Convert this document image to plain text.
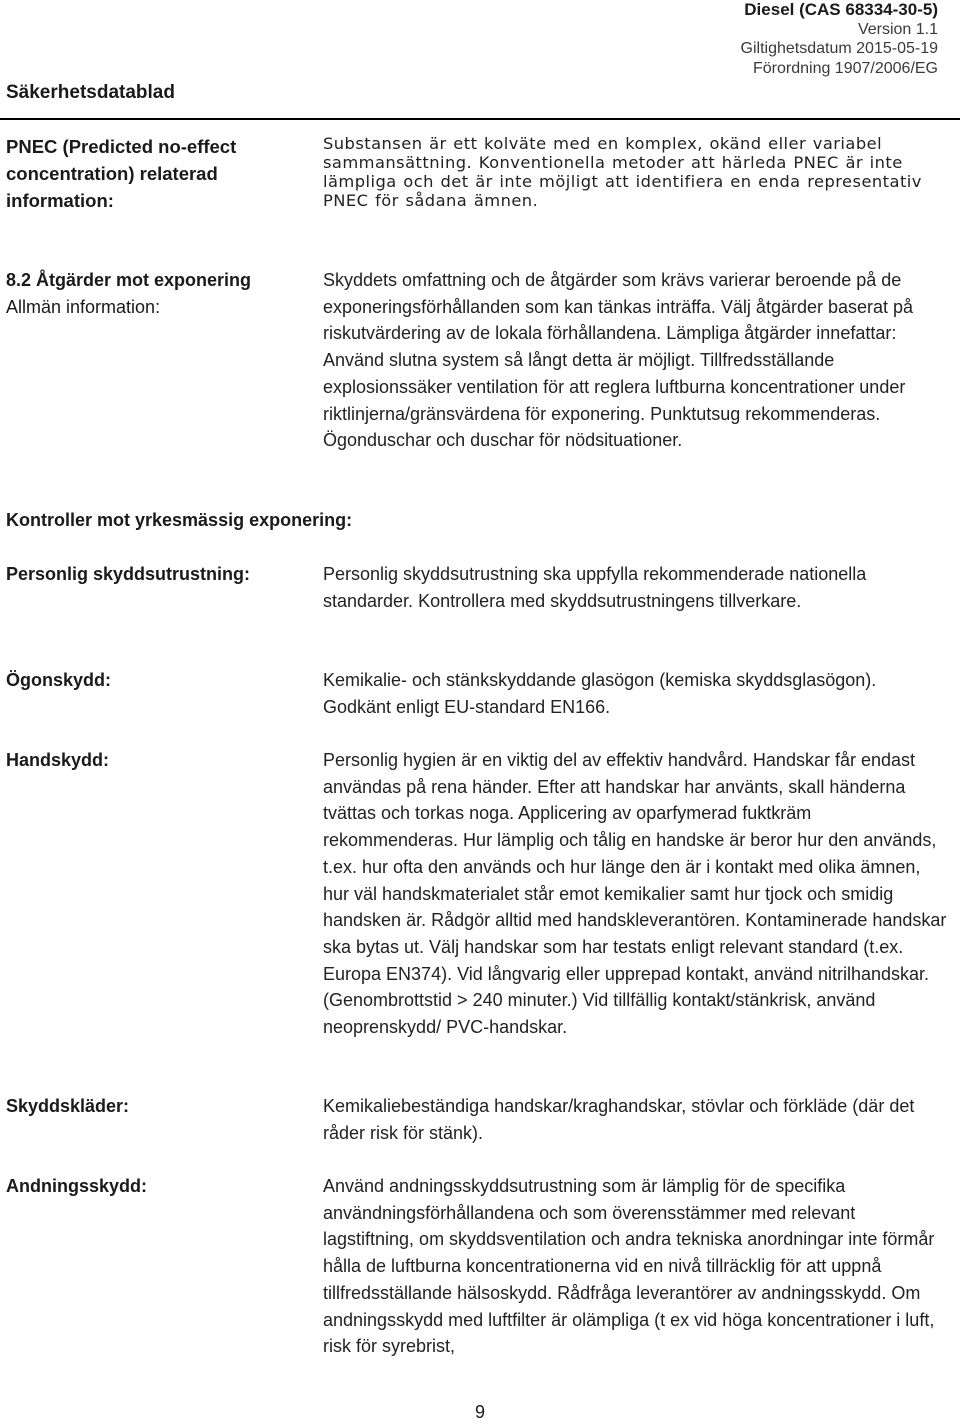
Säkerhetsdatablad
Diesel (CAS 68334-30-5)
Version 1.1
Giltighetsdatum 2015-05-19
Förordning 1907/2006/EG
PNEC (Predicted no-effect concentration) relaterad information:
Substansen är ett kolväte med en komplex, okänd eller variabel sammansättning. Konventionella metoder att härleda PNEC är inte lämpliga och det är inte möjligt att identifiera en enda representativ PNEC för sådana ämnen.
8.2 Åtgärder mot exponering
Allmän information:
Skyddets omfattning och de åtgärder som krävs varierar beroende på de exponeringsförhållanden som kan tänkas inträffa. Välj åtgärder baserat på riskutvärdering av de lokala förhållandena. Lämpliga åtgärder innefattar: Använd slutna system så långt detta är möjligt. Tillfredsställande explosionssäker ventilation för att reglera luftburna koncentrationer under riktlinjerna/gränsvärdena för exponering. Punktutsug rekommenderas. Ögonduschar och duschar för nödsituationer.
Kontroller mot yrkesmässig exponering:
Personlig skyddsutrustning:	Personlig skyddsutrustning ska uppfylla rekommenderade nationella standarder. Kontrollera med skyddsutrustningens tillverkare.
Ögonskydd:	Kemikalie- och stänkskyddande glasögon (kemiska skyddsglasögon). Godkänt enligt EU-standard EN166.
Handskydd:	Personlig hygien är en viktig del av effektiv handvård. Handskar får endast användas på rena händer. Efter att handskar har använts, skall händerna tvättas och torkas noga. Applicering av oparfymerad fuktkräm rekommenderas. Hur lämplig och tålig en handske är beror hur den används, t.ex. hur ofta den används och hur länge den är i kontakt med olika ämnen, hur väl handskmaterialet står emot kemikalier samt hur tjock och smidig handsken är. Rådgör alltid med handskleverantören. Kontaminerade handskar ska bytas ut. Välj handskar som har testats enligt relevant standard (t.ex. Europa EN374). Vid långvarig eller upprepad kontakt, använd nitrilhandskar. (Genombrottstid > 240 minuter.) Vid tillfällig kontakt/stänkrisk, använd neoprenskydd/ PVC-handskar.
Skyddskläder:	Kemikaliebeständiga handskar/kraghandskar, stövlar och förkläde (där det råder risk för stänk).
Andningsskydd:	Använd andningsskyddsutrustning som är lämplig för de specifika användningsförhållandena och som överensstämmer med relevant lagstiftning, om skyddsventilation och andra tekniska anordningar inte förmår hålla de luftburna koncentrationerna vid en nivå tillräcklig för att uppnå tillfredsställande hälsoskydd. Rådfråga leverantörer av andningsskydd. Om andningsskydd med luftfilter är olämpliga (t ex vid höga koncentrationer i luft, risk för syrebrist,
9
